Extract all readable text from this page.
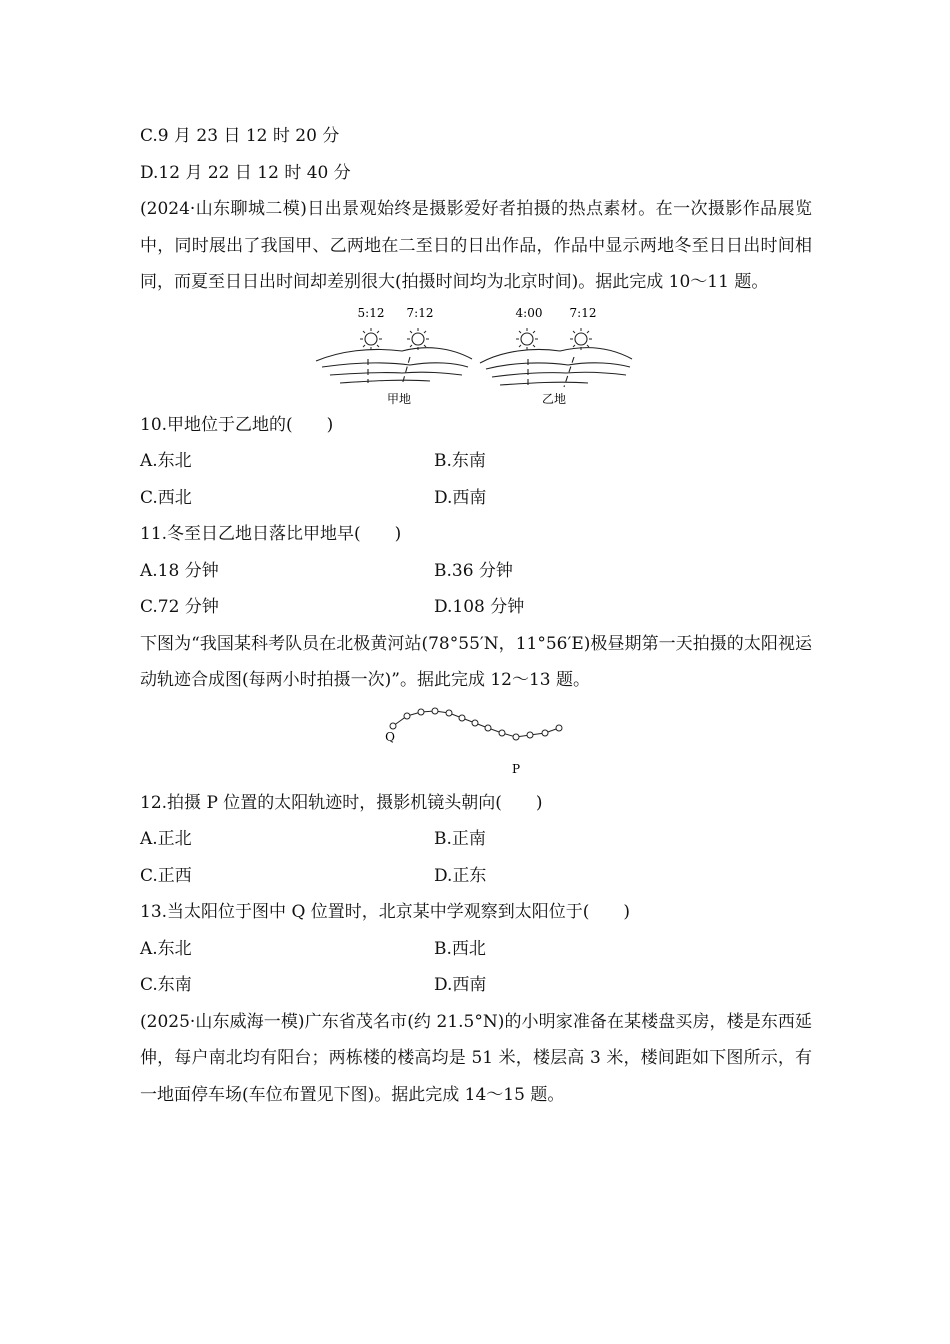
C.9 月 23 日 12 时 20 分
D.12 月 22 日 12 时 40 分
(2024·山东聊城二模)日出景观始终是摄影爱好者拍摄的热点素材。在一次摄影作品展览中，同时展出了我国甲、乙两地在二至日的日出作品，作品中显示两地冬至日日出时间相同，而夏至日日出时间却差别很大(拍摄时间均为北京时间)。据此完成 10～11 题。
5:12 7:12
甲地
4:00 7:12
乙地
10.甲地位于乙地的(　　)
A.东北	B.东南
C.西北	D.西南
11.冬至日乙地日落比甲地早(　　)
A.18 分钟	B.36 分钟
C.72 分钟	D.108 分钟
下图为“我国某科考队员在北极黄河站(78°55′N，11°56′E)极昼期第一天拍摄的太阳视运动轨迹合成图(每两小时拍摄一次)”。据此完成 12～13 题。
Q
P
12.拍摄 P 位置的太阳轨迹时，摄影机镜头朝向(　　)
A.正北	B.正南
C.正西	D.正东
13.当太阳位于图中 Q 位置时，北京某中学观察到太阳位于(　　)
A.东北	B.西北
C.东南	D.西南
(2025·山东威海一模)广东省茂名市(约 21.5°N)的小明家准备在某楼盘买房，楼是东西延伸，每户南北均有阳台；两栋楼的楼高均是 51 米，楼层高 3 米，楼间距如下图所示，有一地面停车场(车位布置见下图)。据此完成 14～15 题。
